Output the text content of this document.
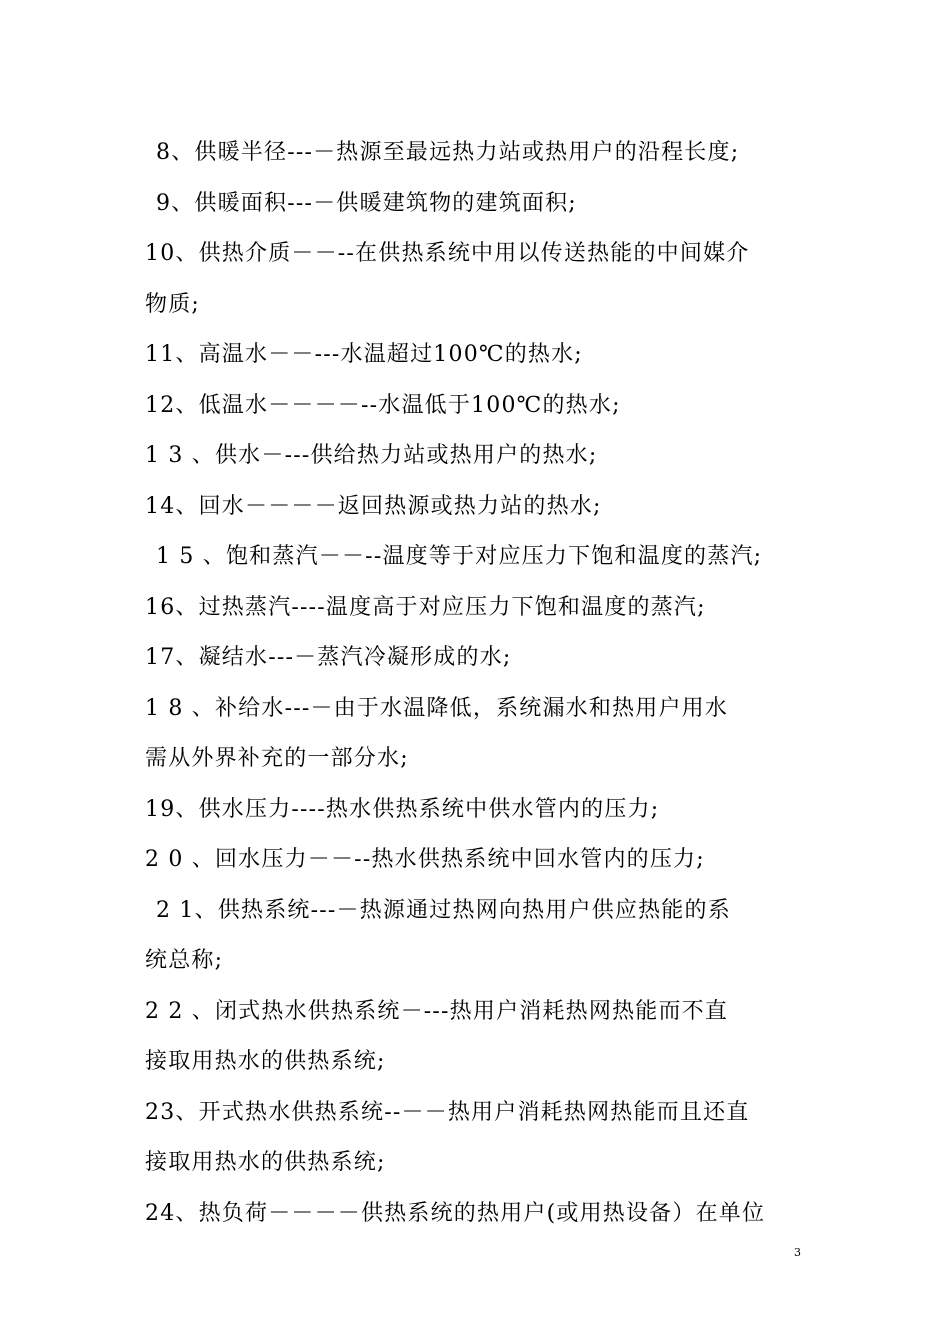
8、供暖半径---－热源至最远热力站或热用户的沿程长度;
9、供暖面积---－供暖建筑物的建筑面积;
10、供热介质－－--在供热系统中用以传送热能的中间媒介
物质;
11、高温水－－---水温超过100℃的热水;
12、低温水－－－－--水温低于100℃的热水;
1 3 、供水－---供给热力站或热用户的热水;
14、回水－－－－返回热源或热力站的热水;
1 5 、饱和蒸汽－－--温度等于对应压力下饱和温度的蒸汽;
16、过热蒸汽----温度高于对应压力下饱和温度的蒸汽;
17、凝结水---－蒸汽冷凝形成的水;
1 8 、补给水---－由于水温降低，系统漏水和热用户用水
需从外界补充的一部分水;
19、供水压力----热水供热系统中供水管内的压力;
2 0 、回水压力－－--热水供热系统中回水管内的压力;
2 1、供热系统---－热源通过热网向热用户供应热能的系
统总称;
2 2 、闭式热水供热系统－---热用户消耗热网热能而不直
接取用热水的供热系统;
23、开式热水供热系统--－－热用户消耗热网热能而且还直
接取用热水的供热系统;
24、热负荷－－－－供热系统的热用户(或用热设备）在单位
3
